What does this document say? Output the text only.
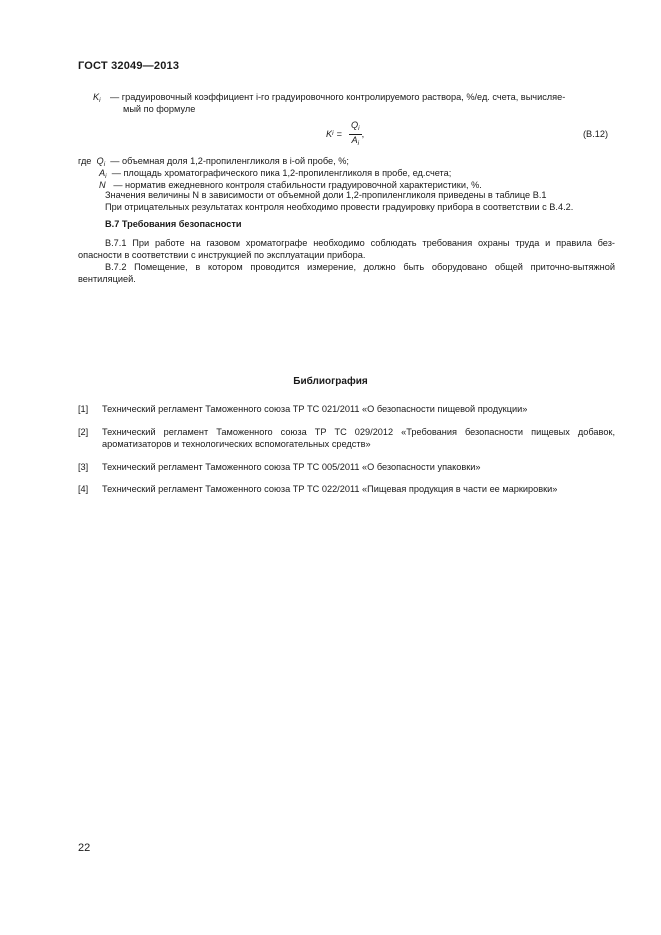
ГОСТ 32049—2013
$K_i$ — градуировочный коэффициент i-го градуировочного контролируемого раствора, %/ед. счета, вычисляе-
мый по формуле
K $i = \frac{Q_i}{A_i}$ ,	(B.12)
где $Q_i$ — объемная доля 1,2-пропиленгликоля в i-ой пробе, %;
$A_i$ — площадь хроматографического пика 1,2-пропиленгликоля в пробе, ед.счета;
N — норматив ежедневного контроля стабильности градуировочной характеристики, %.
Значения величины N в зависимости от объемной доли 1,2-пропиленгликоля приведены в таблице B.1
При отрицательных результатах контроля необходимо провести градуировку прибора в соответствии с B.4.2.
B.7 Требования безопасности
B.7.1 При работе на газовом хроматографе необходимо соблюдать требования охраны труда и правила без-опасности в соответствии с инструкцией по эксплуатации прибора.
B.7.2 Помещение, в котором проводится измерение, должно быть оборудовано общей приточно-вытяжной вентиляцией.
Библиография
[1] Технический регламент Таможенного союза ТР ТС 021/2011 «О безопасности пищевой продукции»
[2] Технический регламент Таможенного союза ТР ТС 029/2012 «Требования безопасности пищевых добавок, ароматизаторов и технологических вспомогательных средств»
[3] Технический регламент Таможенного союза ТР ТС 005/2011 «О безопасности упаковки»
[4] Технический регламент Таможенного союза ТР ТС 022/2011 «Пищевая продукция в части ее маркировки»
22
